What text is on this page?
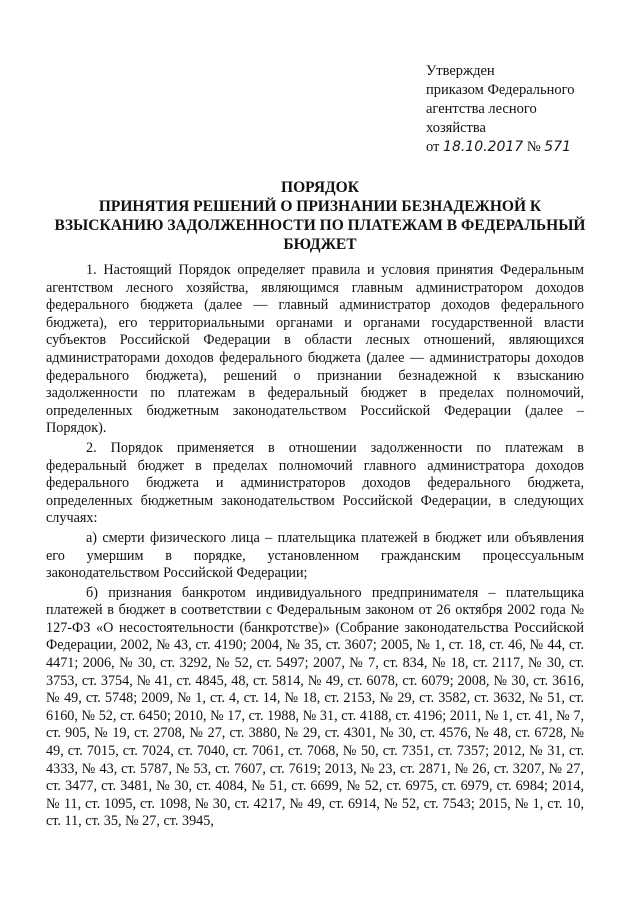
Утвержден
приказом Федерального
агентства лесного
хозяйства
от 18.10.2017 № 571
ПОРЯДОК
ПРИНЯТИЯ РЕШЕНИЙ О ПРИЗНАНИИ БЕЗНАДЕЖНОЙ К
ВЗЫСКАНИЮ ЗАДОЛЖЕННОСТИ ПО ПЛАТЕЖАМ В ФЕДЕРАЛЬНЫЙ
БЮДЖЕТ

1. Настоящий Порядок определяет правила и условия принятия Федеральным агентством лесного хозяйства, являющимся главным администратором доходов федерального бюджета (далее — главный администратор доходов федерального бюджета), его территориальными органами и органами государственной власти субъектов Российской Федерации в области лесных отношений, являющихся администраторами доходов федерального бюджета (далее — администраторы доходов федерального бюджета), решений о признании безнадежной к взысканию задолженности по платежам в федеральный бюджет в пределах полномочий, определенных бюджетным законодательством Российской Федерации (далее – Порядок).

2. Порядок применяется в отношении задолженности по платежам в федеральный бюджет в пределах полномочий главного администратора доходов федерального бюджета и администраторов доходов федерального бюджета, определенных бюджетным законодательством Российской Федерации, в следующих случаях:

а) смерти физического лица – плательщика платежей в бюджет или объявления его умершим в порядке, установленном гражданским процессуальным законодательством Российской Федерации;

б) признания банкротом индивидуального предпринимателя – плательщика платежей в бюджет в соответствии с Федеральным законом от 26 октября 2002 года № 127-ФЗ «О несостоятельности (банкротстве)» (Собрание законодательства Российской Федерации, 2002, № 43, ст. 4190; 2004, № 35, ст. 3607; 2005, № 1, ст. 18, ст. 46, № 44, ст. 4471; 2006, № 30, ст. 3292, № 52, ст. 5497; 2007, № 7, ст. 834, № 18, ст. 2117, № 30, ст. 3753, ст. 3754, № 41, ст. 4845, 48, ст. 5814, № 49, ст. 6078, ст. 6079; 2008, № 30, ст. 3616, № 49, ст. 5748; 2009, № 1, ст. 4, ст. 14, № 18, ст. 2153, № 29, ст. 3582, ст. 3632, № 51, ст. 6160, № 52, ст. 6450; 2010, № 17, ст. 1988, № 31, ст. 4188, ст. 4196; 2011, № 1, ст. 41, № 7, ст. 905, № 19, ст. 2708, № 27, ст. 3880, № 29, ст. 4301, № 30, ст. 4576, № 48, ст. 6728, № 49, ст. 7015, ст. 7024, ст. 7040, ст. 7061, ст. 7068, № 50, ст. 7351, ст. 7357; 2012, № 31, ст. 4333, № 43, ст. 5787, № 53, ст. 7607, ст. 7619; 2013, № 23, ст. 2871, № 26, ст. 3207, № 27, ст. 3477, ст. 3481, № 30, ст. 4084, № 51, ст. 6699, № 52, ст. 6975, ст. 6979, ст. 6984; 2014, № 11, ст. 1095, ст. 1098, № 30, ст. 4217, № 49, ст. 6914, № 52, ст. 7543; 2015, № 1, ст. 10, ст. 11, ст. 35, № 27, ст. 3945,
